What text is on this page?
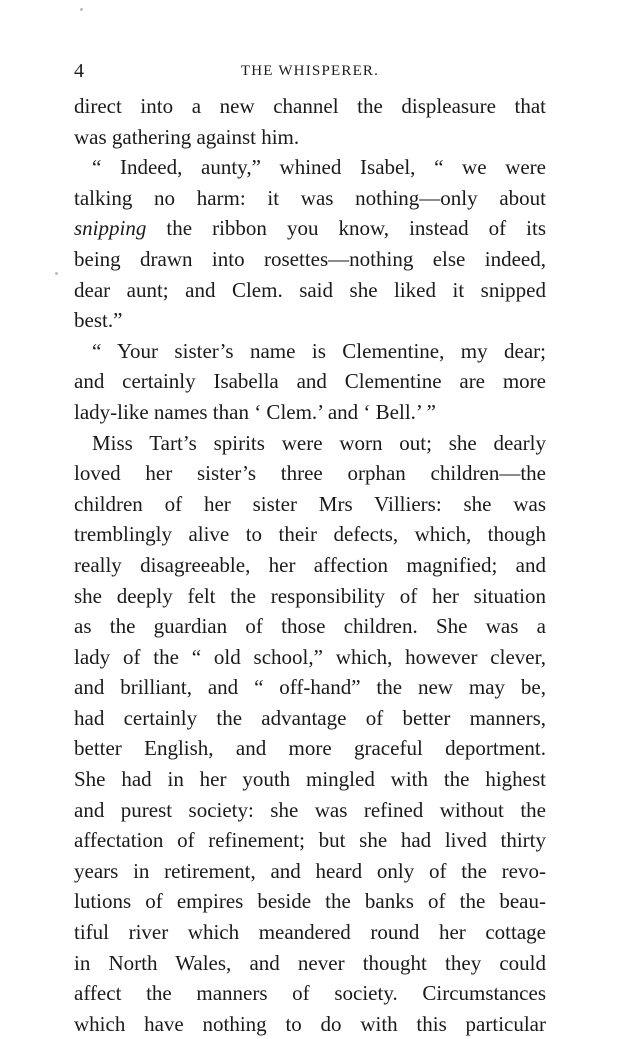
4	THE WHISPERER.
direct into a new channel the displeasure that
was gathering against him.
“ Indeed, aunty,” whined Isabel, “ we were
talking no harm: it was nothing—only about
snipping the ribbon you know, instead of its
being drawn into rosettes—nothing else indeed,
dear aunt; and Clem. said she liked it snipped
best.”
“ Your sister’s name is Clementine, my dear;
and certainly Isabella and Clementine are more
lady-like names than ‘ Clem.’ and ‘ Bell.’ ”
Miss Tart’s spirits were worn out; she dearly
loved her sister’s three orphan children—the
children of her sister Mrs Villiers: she was
tremblingly alive to their defects, which, though
really disagreeable, her affection magnified; and
she deeply felt the responsibility of her situation
as the guardian of those children. She was a
lady of the “ old school,” which, however clever,
and brilliant, and “ off-hand” the new may be,
had certainly the advantage of better manners,
better English, and more graceful deportment.
She had in her youth mingled with the highest
and purest society: she was refined without the
affectation of refinement; but she had lived thirty
years in retirement, and heard only of the revo-
lutions of empires beside the banks of the beau-
tiful river which meandered round her cottage
in North Wales, and never thought they could
affect the manners of society. Circumstances
which have nothing to do with this particular
